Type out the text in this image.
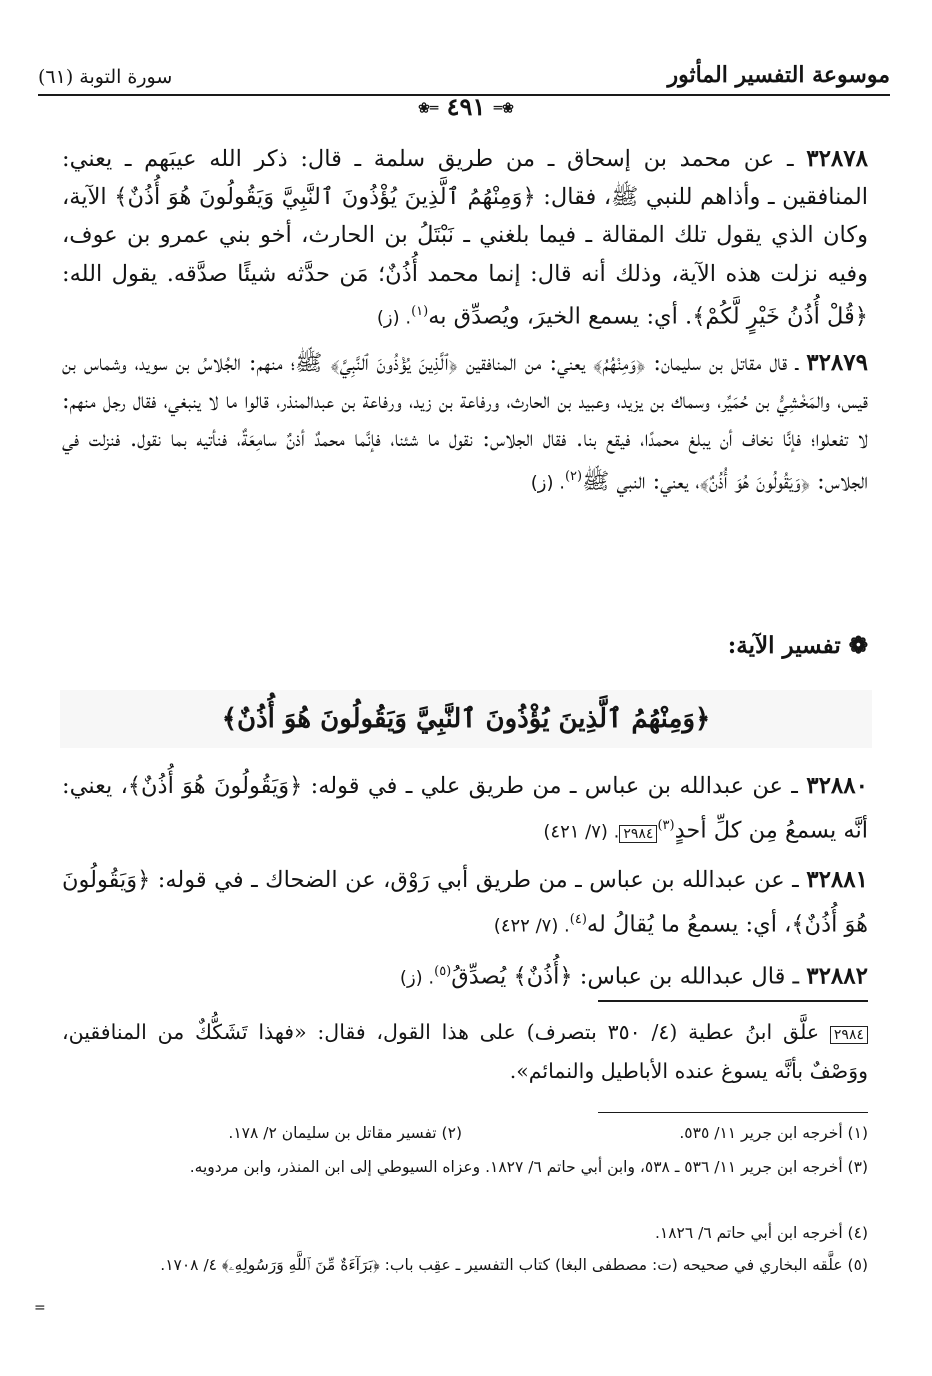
موسوعة التفسير المأثور
سورة التوبة (٦١)
❀═ ٤٩١ ═❀

٣٢٨٧٨ ـ عن محمد بن إسحاق ـ من طريق سلمة ـ قال: ذكر الله عيبَهم ـ يعني: المنافقين ـ وأذاهم للنبي ﷺ، فقال: ﴿وَمِنْهُمُ ٱلَّذِينَ يُؤْذُونَ ٱلنَّبِيَّ وَيَقُولُونَ هُوَ أُذُنٌ﴾ الآية، وكان الذي يقول تلك المقالة ـ فيما بلغني ـ نَبْتَلُ بن الحارث، أخو بني عمرو بن عوف، وفيه نزلت هذه الآية، وذلك أنه قال: إنما محمد أُذُنٌ؛ مَن حدَّثه شيئًا صدَّقه. يقول الله: ﴿قُلْ أُذُنُ خَيْرٍ لَّكُمْ﴾. أي: يسمع الخيرَ، ويُصدِّق به$^{(١)}$. (ز)

٣٢٨٧٩ ـ قال مقاتل بن سليمان: ﴿وَمِنْهُمُ﴾ يعني: من المنافقين ﴿ٱلَّذِينَ يُؤْذُونَ ٱلنَّبِيَّ﴾ ﷺ؛ منهم: الجُلاسُ بن سويد، وشماس بن قيس، والمَخْشِيُّ بن حُمَيِّر، وسماك بن يزيد، وعبيد بن الحارث، ورفاعة بن زيد، ورفاعة بن عبدالمنذر، قالوا ما لا ينبغي، فقال رجل منهم: لا تفعلوا؛ فإنَّا نخاف أن يبلغ محمدًا، فيقع بنا. فقال الجلاس: نقول ما شئنا، فإنَّما محمدٌ أذنٌ سامِعَةٌ، فنأتيه بما نقول. فنزلت في الجلاس: ﴿وَيَقُولُونَ هُوَ أُذُنٌ﴾، يعني: النبي ﷺ$^{(٢)}$. (ز)

❁ تفسير الآية:
﴿وَمِنْهُمُ ٱلَّذِينَ يُؤْذُونَ ٱلنَّبِيَّ وَيَقُولُونَ هُوَ أُذُنٌ﴾

٣٢٨٨٠ ـ عن عبدالله بن عباس ـ من طريق علي ـ في قوله: ﴿وَيَقُولُونَ هُوَ أُذُنٌ﴾، يعني: أنَّه يسمعُ مِن كلِّ أحدٍ$^{(٣)}$٢٩٨٤. (٧/ ٤٢١)

٣٢٨٨١ ـ عن عبدالله بن عباس ـ من طريق أبي رَوْق، عن الضحاك ـ في قوله: ﴿وَيَقُولُونَ هُوَ أُذُنٌ﴾، أي: يسمعُ ما يُقالُ له$^{(٤)}$. (٧/ ٤٢٢)

٣٢٨٨٢ ـ قال عبدالله بن عباس: ﴿أُذُنٌ﴾ يُصدِّقُ$^{(٥)}$. (ز)

٢٩٨٤ علَّق ابنُ عطية (٤/ ٣٥٠ بتصرف) على هذا القول، فقال: «فهذا تَشَكُّكٌ من المنافقين، ووَصْفٌ بأنَّه يسوغ عنده الأباطيل والنمائم».
(١) أخرجه ابن جرير ١١/ ٥٣٥.
(٢) تفسير مقاتل بن سليمان ٢/ ١٧٨.
(٣) أخرجه ابن جرير ١١/ ٥٣٦ ـ ٥٣٨، وابن أبي حاتم ٦/ ١٨٢٧. وعزاه السيوطي إلى ابن المنذر، وابن مردويه.
(٤) أخرجه ابن أبي حاتم ٦/ ١٨٢٦.
(٥) علَّقه البخاري في صحيحه (ت: مصطفى البغا) كتاب التفسير ـ عقِب باب: ﴿بَرَآءَةٌ مِّنَ ٱللَّهِ وَرَسُولِهِۦ﴾ ٤/ ١٧٠٨.
=
